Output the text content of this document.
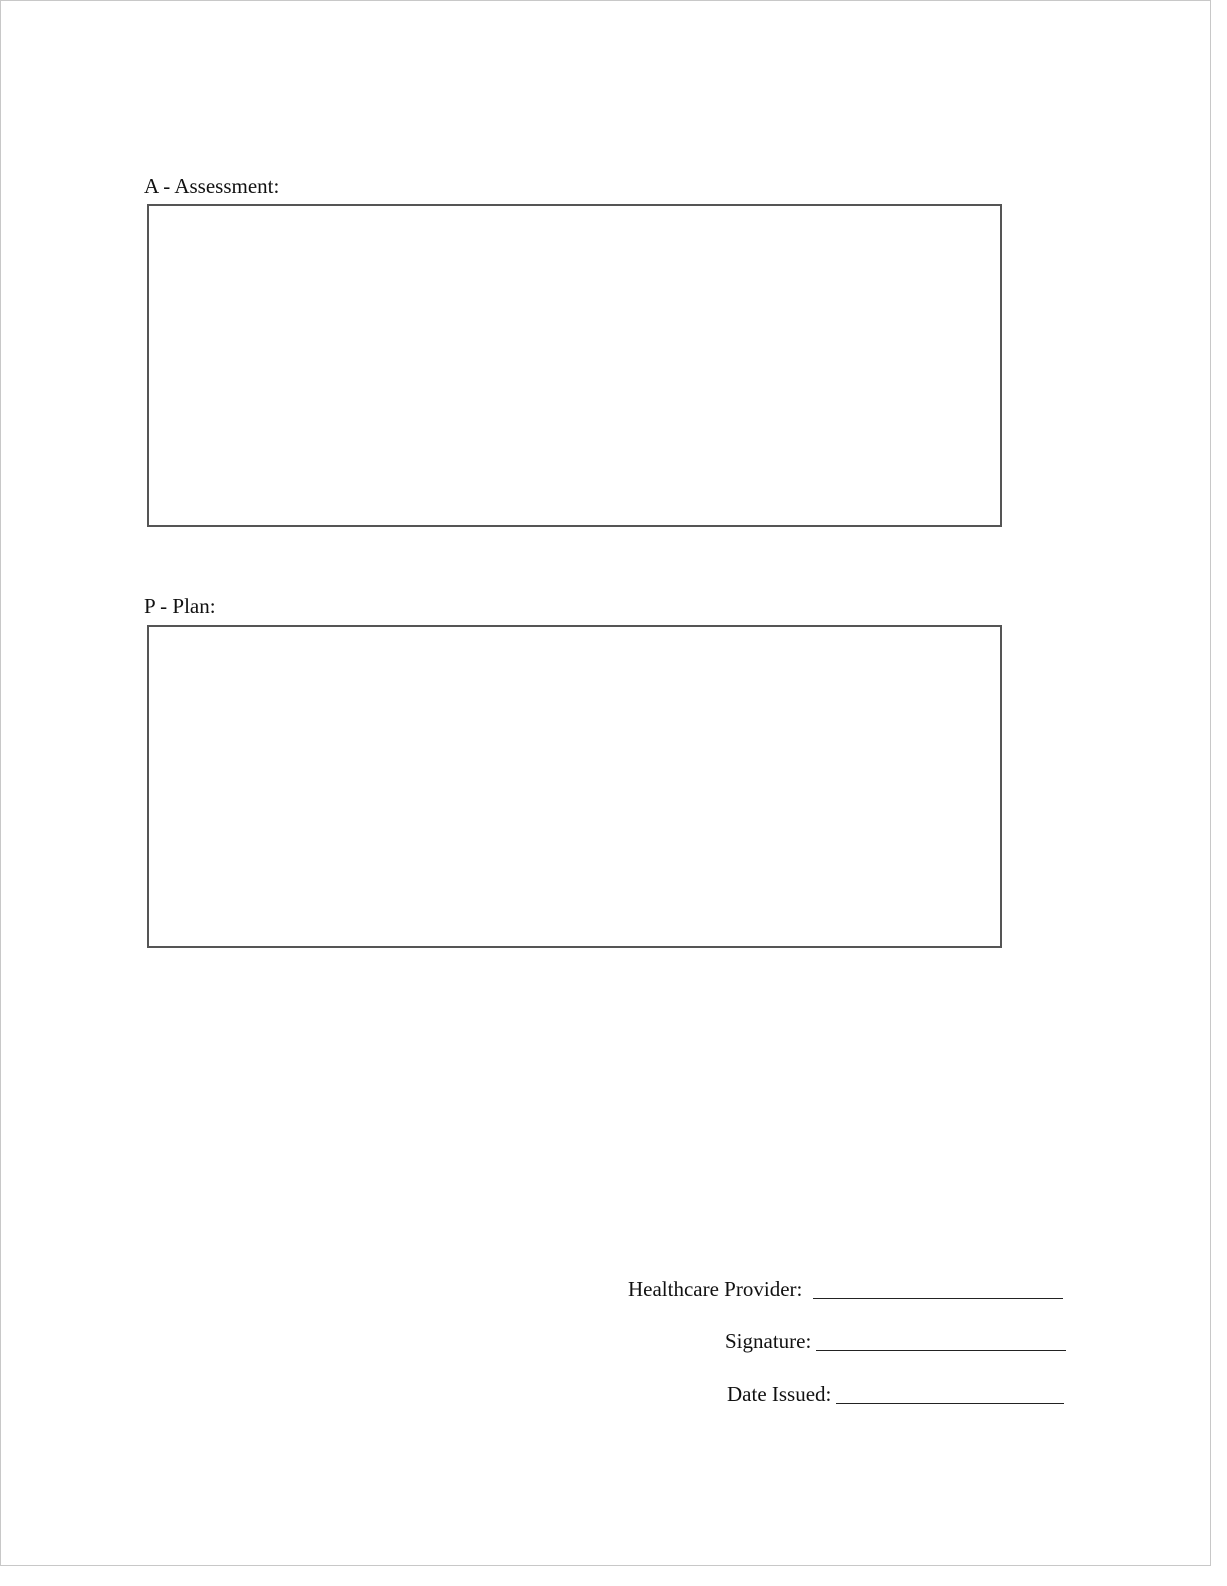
A - Assessment:
P - Plan:
Healthcare Provider:
Signature:
Date Issued:
